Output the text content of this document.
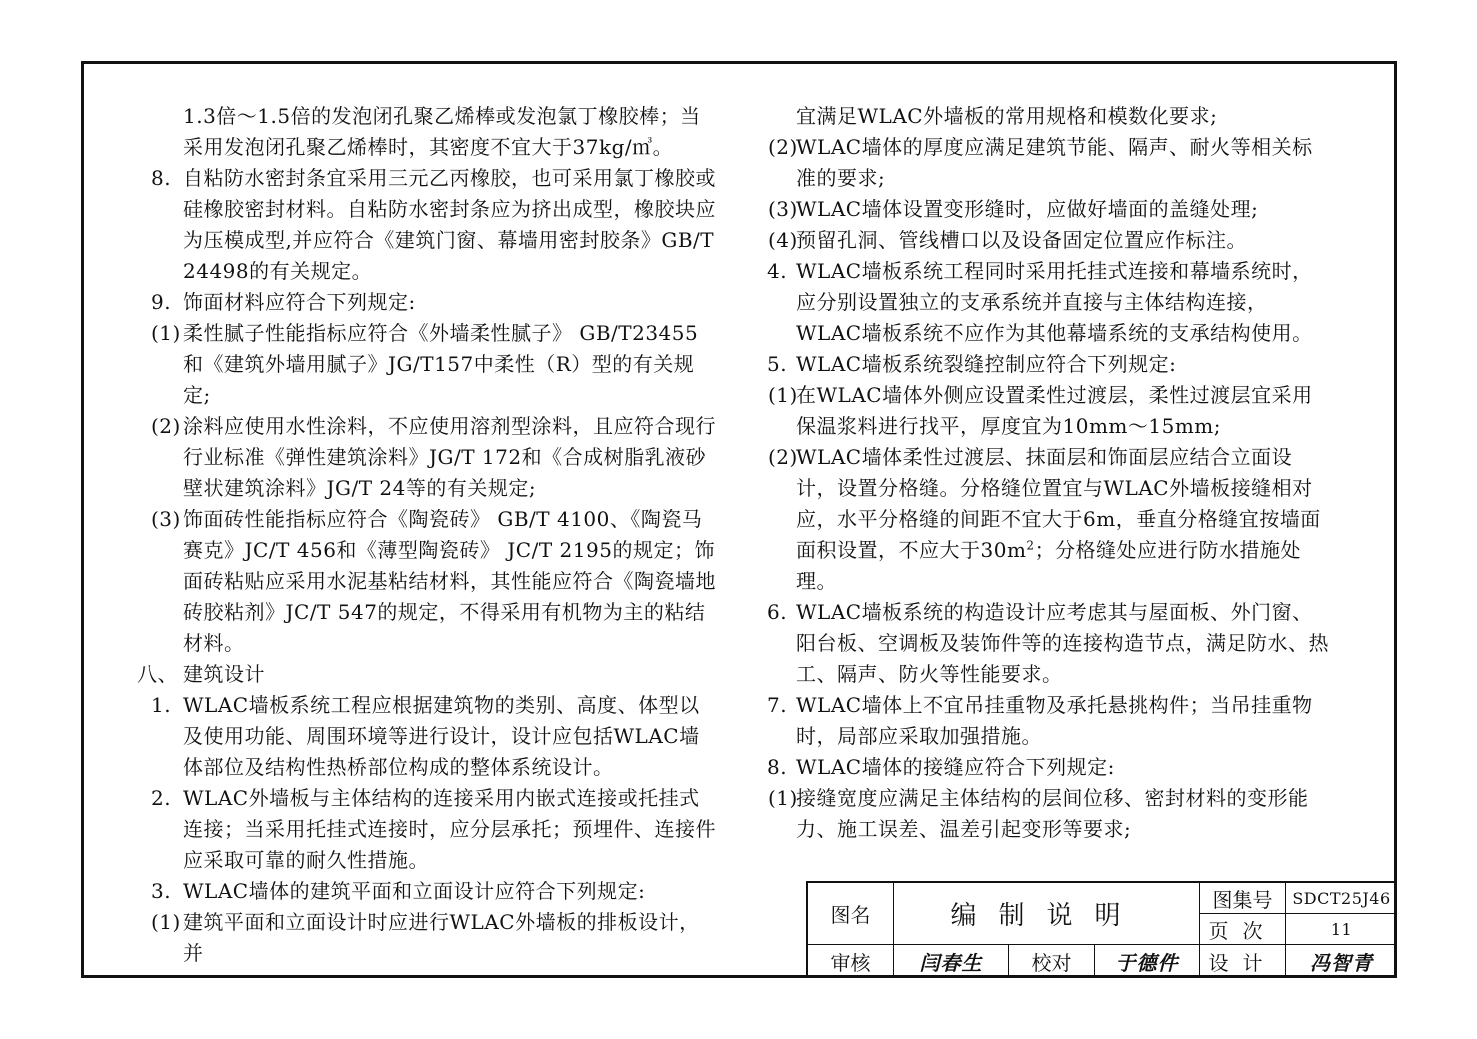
1.3倍～1.5倍的发泡闭孔聚乙烯棒或发泡氯丁橡胶棒；当采用发泡闭孔聚乙烯棒时，其密度不宜大于37kg/㎥。

8. 自粘防水密封条宜采用三元乙丙橡胶，也可采用氯丁橡胶或硅橡胶密封材料。自粘防水密封条应为挤出成型，橡胶块应为压模成型,并应符合《建筑门窗、幕墙用密封胶条》GB/T 24498的有关规定。

9. 饰面材料应符合下列规定:

(1) 柔性腻子性能指标应符合《外墙柔性腻子》 GB/T23455和《建筑外墙用腻子》JG/T157中柔性（R）型的有关规定;

(2) 涂料应使用水性涂料，不应使用溶剂型涂料，且应符合现行行业标准《弹性建筑涂料》JG/T 172和《合成树脂乳液砂壁状建筑涂料》JG/T 24等的有关规定;

(3) 饰面砖性能指标应符合《陶瓷砖》 GB/T 4100、《陶瓷马赛克》JC/T 456和《薄型陶瓷砖》 JC/T 2195的规定；饰面砖粘贴应采用水泥基粘结材料，其性能应符合《陶瓷墙地砖胶粘剂》JC/T 547的规定，不得采用有机物为主的粘结材料。

八、 建筑设计

1. WLAC墙板系统工程应根据建筑物的类别、高度、体型以及使用功能、周围环境等进行设计，设计应包括WLAC墙体部位及结构性热桥部位构成的整体系统设计。

2. WLAC外墙板与主体结构的连接采用内嵌式连接或托挂式连接；当采用托挂式连接时，应分层承托；预埋件、连接件应采取可靠的耐久性措施。

3. WLAC墙体的建筑平面和立面设计应符合下列规定:

(1) 建筑平面和立面设计时应进行WLAC外墙板的排板设计，并

宜满足WLAC外墙板的常用规格和模数化要求;

(2)
WLAC墙体的厚度应满足建筑节能、隔声、耐火等相关标准的要求;

(3)
WLAC墙体设置变形缝时，应做好墙面的盖缝处理;

(4)
预留孔洞、管线槽口以及设备固定位置应作标注。

4. WLAC墙板系统工程同时采用托挂式连接和幕墙系统时，应分别设置独立的支承系统并直接与主体结构连接，WLAC墙板系统不应作为其他幕墙系统的支承结构使用。

5. WLAC墙板系统裂缝控制应符合下列规定:

(1)
在WLAC墙体外侧应设置柔性过渡层，柔性过渡层宜采用保温浆料进行找平，厚度宜为10mm～15mm;

(2)
WLAC墙体柔性过渡层、抹面层和饰面层应结合立面设计，设置分格缝。分格缝位置宜与WLAC外墙板接缝相对应，水平分格缝的间距不宜大于6m，垂直分格缝宜按墙面面积设置，不应大于$30m^2$；分格缝处应进行防水措施处理。

6. WLAC墙板系统的构造设计应考虑其与屋面板、外门窗、阳台板、空调板及装饰件等的连接构造节点，满足防水、热工、隔声、防火等性能要求。

7. WLAC墙体上不宜吊挂重物及承托悬挑构件；当吊挂重物时，局部应采取加强措施。

8. WLAC墙体的接缝应符合下列规定:

(1)
接缝宽度应满足主体结构的层间位移、密封材料的变形能力、施工误差、温差引起变形等要求;

图名	编制说明
图集号	SDCT25J46
页次	11
审核	闫春生	校对	于德件	设计	冯智青
